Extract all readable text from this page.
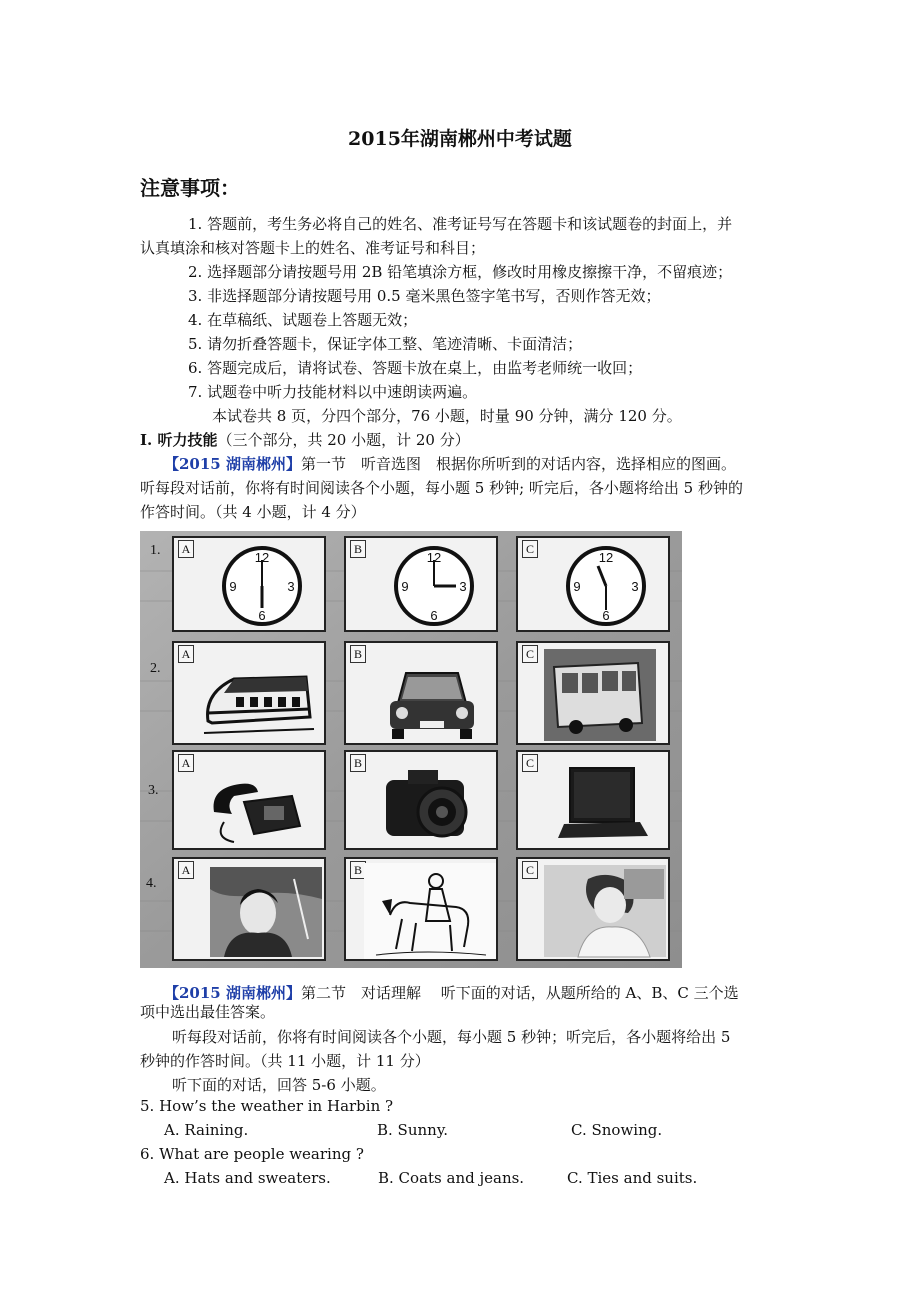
2015年湖南郴州中考试题
注意事项：
1. 答题前，考生务必将自己的姓名、准考证号写在答题卡和该试题卷的封面上，并
认真填涂和核对答题卡上的姓名、准考证号和科目；
2. 选择题部分请按题号用 2B 铅笔填涂方框，修改时用橡皮擦擦干净，不留痕迹；
3. 非选择题部分请按题号用 0.5 毫米黑色签字笔书写，否则作答无效；
4. 在草稿纸、试题卷上答题无效；
5. 请勿折叠答题卡，保证字体工整、笔迹清晰、卡面清洁；
6. 答题完成后，请将试卷、答题卡放在桌上，由监考老师统一收回；
7. 试题卷中听力技能材料以中速朗读两遍。
本试卷共 8 页，分四个部分，76 小题，时量 90 分钟，满分 120 分。
I. 听力技能（三个部分，共 20 小题，计 20 分）
【2015 湖南郴州】第一节　听音选图　根据你所听到的对话内容，选择相应的图画。
听每段对话前，你将有时间阅读各个小题，每小题 5 秒钟; 听完后，各小题将给出 5 秒钟的
作答时间。（共 4 小题，计 4 分）
1.
2.
3.
4.
A
12
6
9	3
B
12
6
9	3
C
12
6
9	3
A	B	C
A	B	C
A	B	C
【2015 湖南郴州】第二节　对话理解　 听下面的对话，从题所给的 A、B、C 三个选
项中选出最佳答案。
听每段对话前，你将有时间阅读各个小题，每小题 5 秒钟；听完后，各小题将给出 5
秒钟的作答时间。（共 11 小题，计 11 分）
听下面的对话，回答 5-6 小题。
5. How’s the weather in Harbin ?
A. Raining.	B. Sunny.	C. Snowing.
6. What are people wearing ?
A. Hats and sweaters.	B. Coats and jeans.	C. Ties and suits.
